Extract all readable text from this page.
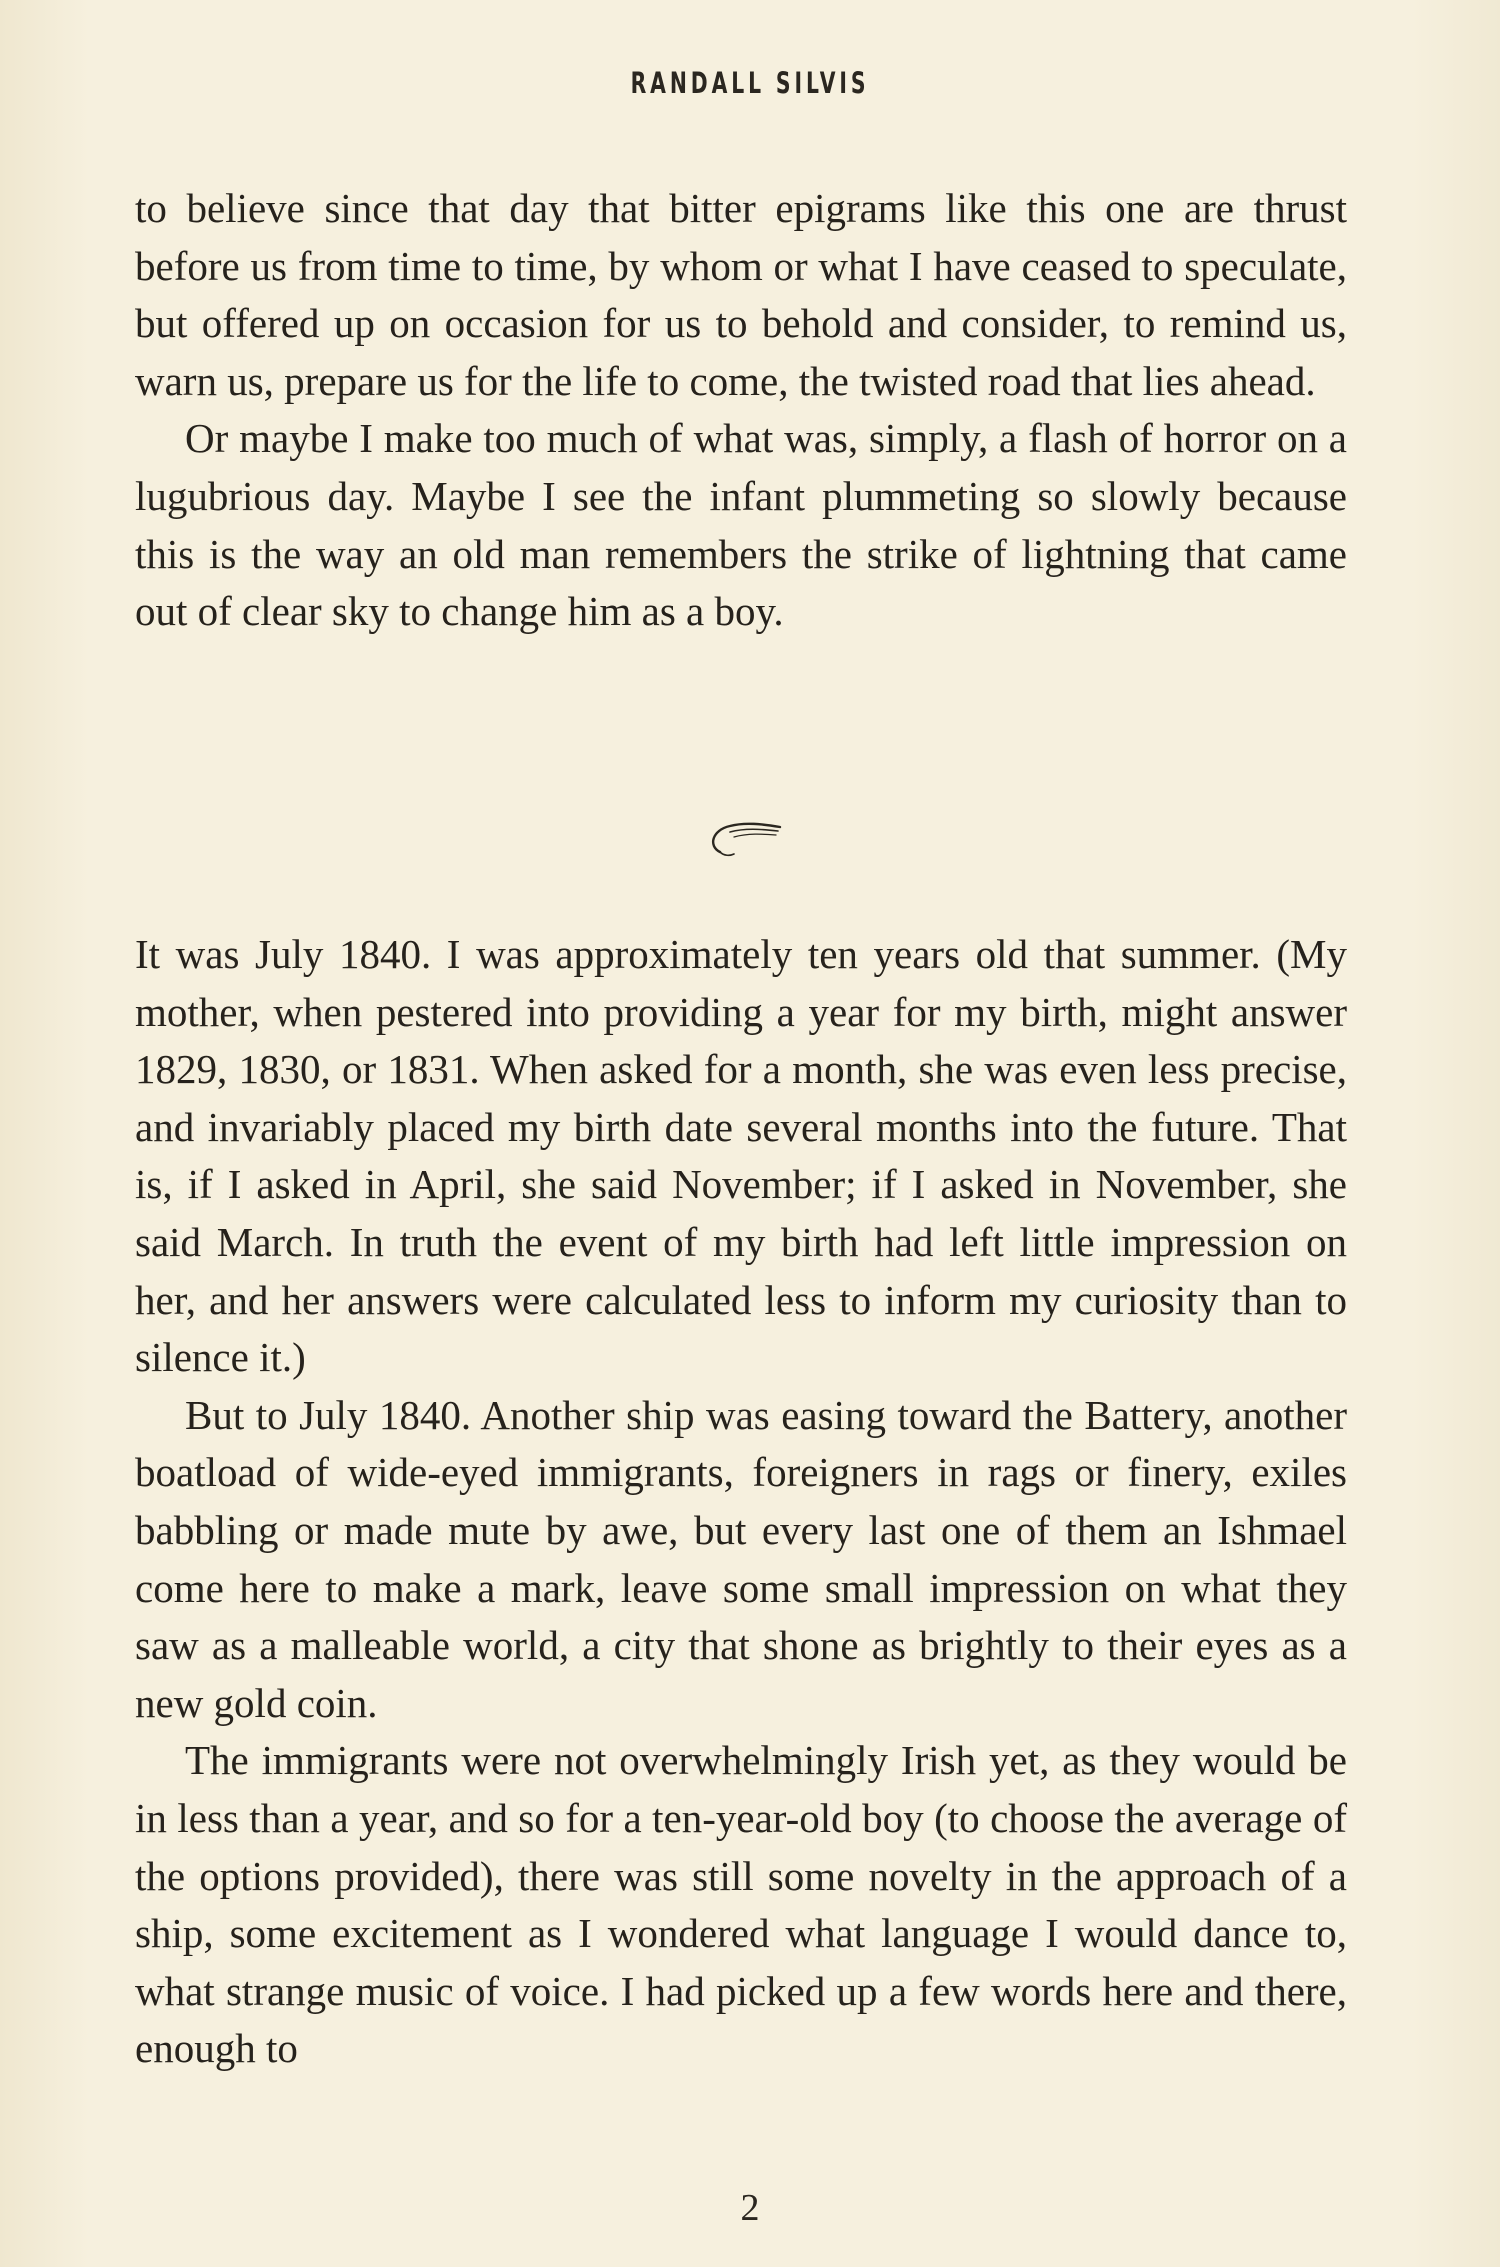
RANDALL SILVIS

to believe since that day that bitter epigrams like this one are thrust before us from time to time, by whom or what I have ceased to speculate, but offered up on occasion for us to behold and consider, to remind us, warn us, prepare us for the life to come, the twisted road that lies ahead.

Or maybe I make too much of what was, simply, a flash of horror on a lugubrious day. Maybe I see the infant plummeting so slowly because this is the way an old man remembers the strike of lightning that came out of clear sky to change him as a boy.

It was July 1840. I was approximately ten years old that summer. (My mother, when pestered into providing a year for my birth, might answer 1829, 1830, or 1831. When asked for a month, she was even less precise, and invariably placed my birth date several months into the future. That is, if I asked in April, she said November; if I asked in November, she said March. In truth the event of my birth had left little impression on her, and her answers were calculated less to inform my curiosity than to silence it.)

But to July 1840. Another ship was easing toward the Battery, another boatload of wide-eyed immigrants, foreigners in rags or finery, exiles babbling or made mute by awe, but every last one of them an Ishmael come here to make a mark, leave some small impression on what they saw as a malleable world, a city that shone as brightly to their eyes as a new gold coin.

The immigrants were not overwhelmingly Irish yet, as they would be in less than a year, and so for a ten-year-old boy (to choose the average of the options provided), there was still some novelty in the approach of a ship, some excitement as I wondered what language I would dance to, what strange music of voice. I had picked up a few words here and there, enough to

2
